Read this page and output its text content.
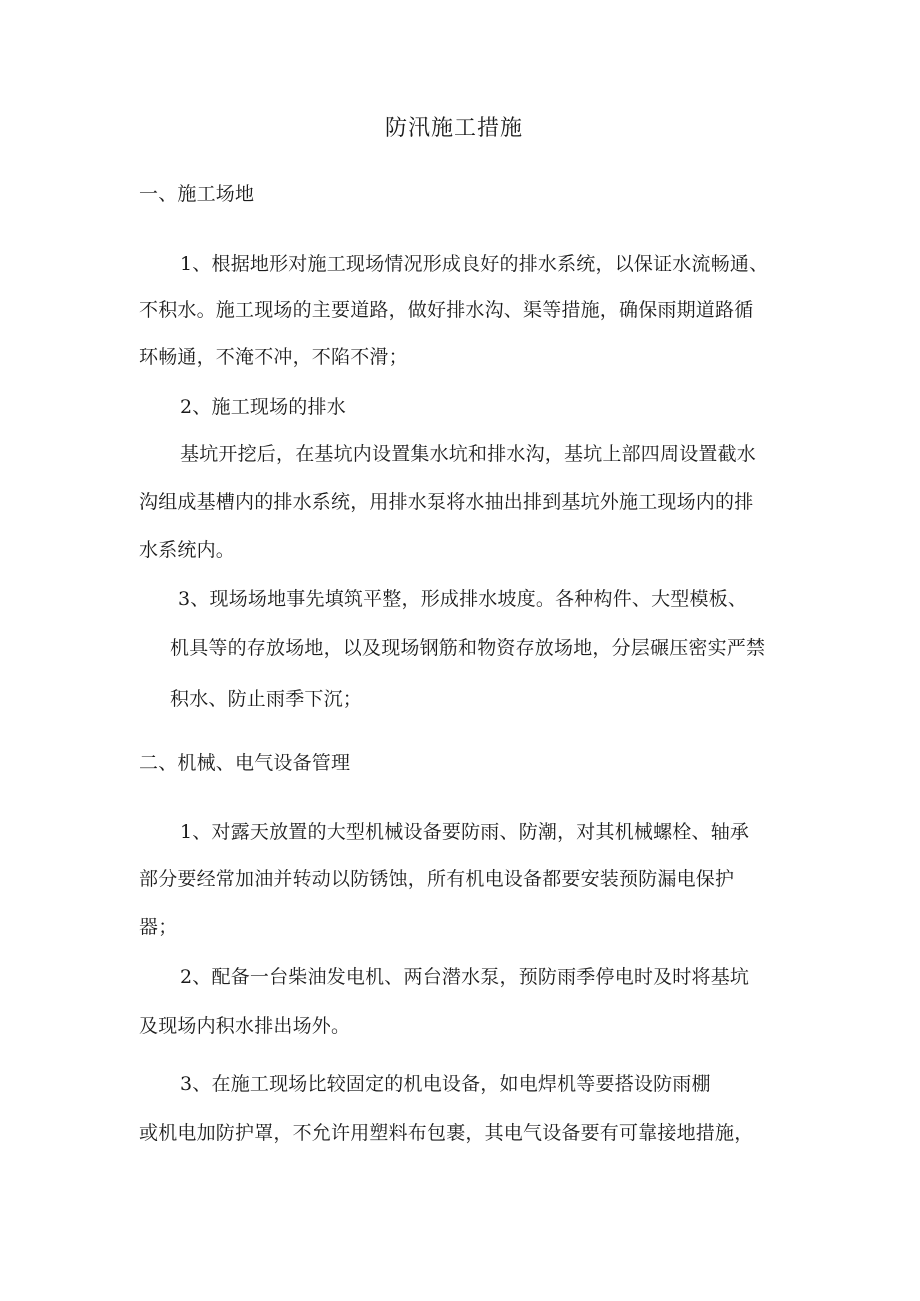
防汛施工措施
一、施工场地
1、根据地形对施工现场情况形成良好的排水系统，以保证水流畅通、
不积水。施工现场的主要道路，做好排水沟、渠等措施，确保雨期道路循
环畅通，不淹不冲，不陷不滑；
2、施工现场的排水
基坑开挖后，在基坑内设置集水坑和排水沟，基坑上部四周设置截水
沟组成基槽内的排水系统，用排水泵将水抽出排到基坑外施工现场内的排
水系统内。
3、现场场地事先填筑平整，形成排水坡度。各种构件、大型模板、
机具等的存放场地，以及现场钢筋和物资存放场地，分层碾压密实严禁
积水、防止雨季下沉；
二、机械、电气设备管理
1、对露天放置的大型机械设备要防雨、防潮，对其机械螺栓、轴承
部分要经常加油并转动以防锈蚀，所有机电设备都要安装预防漏电保护
器；
2、配备一台柴油发电机、两台潜水泵，预防雨季停电时及时将基坑
及现场内积水排出场外。
3、在施工现场比较固定的机电设备，如电焊机等要搭设防雨棚
或机电加防护罩，不允许用塑料布包裹，其电气设备要有可靠接地措施，
